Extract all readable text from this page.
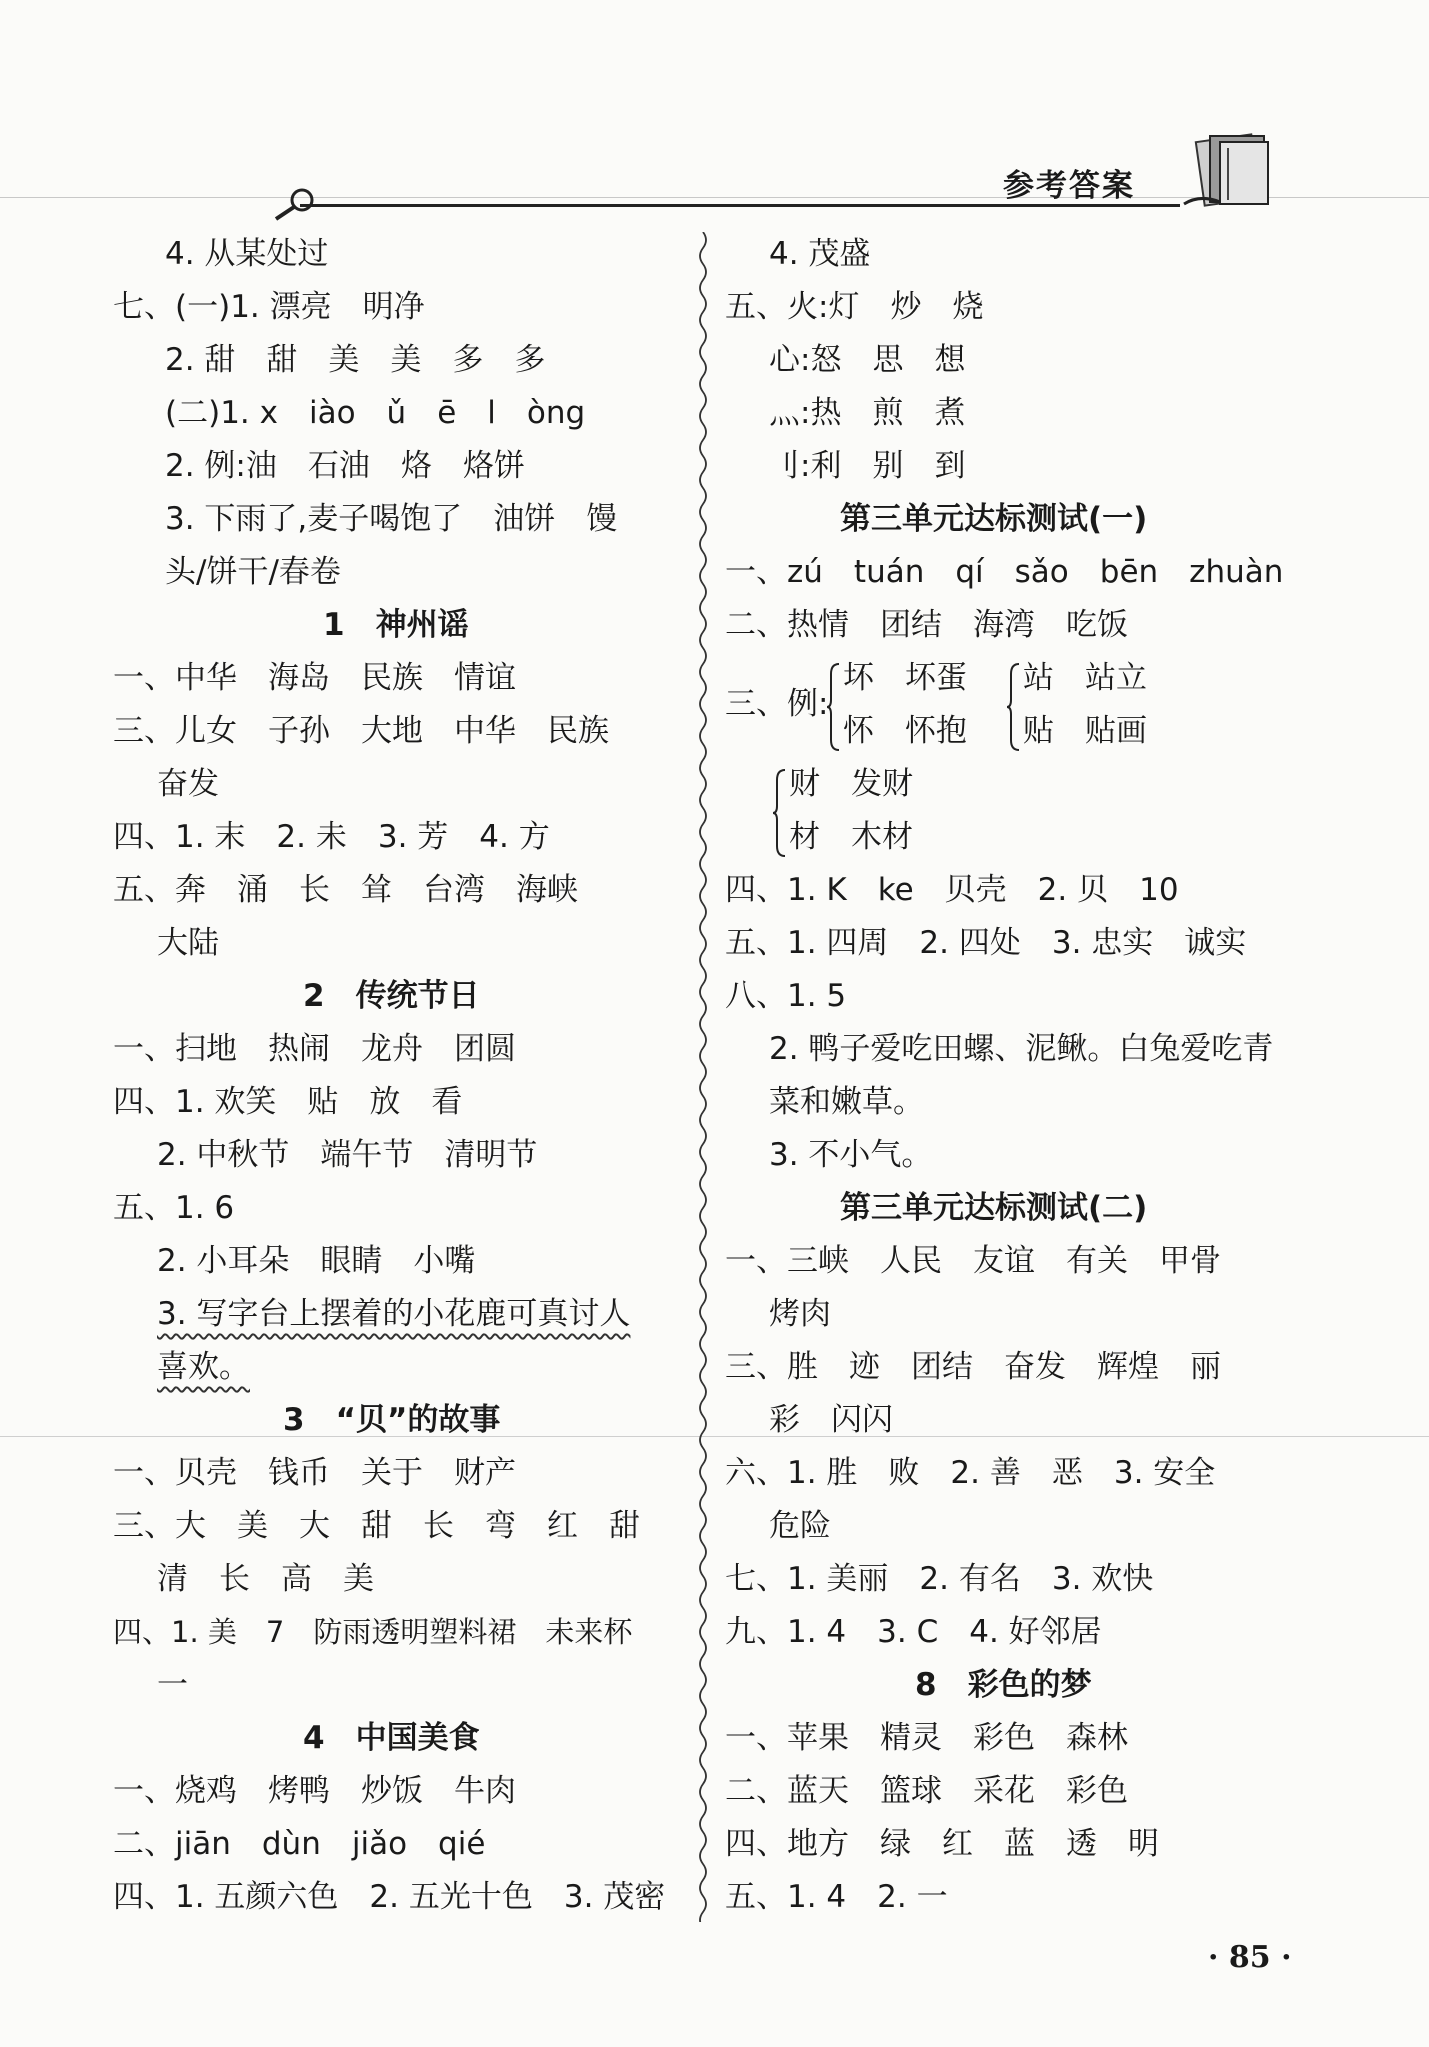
参考答案
4. 从某处过
七、(一)1. 漂亮　明净
2. 甜　甜　美　美　多　多
(二)1. x　iào　ǔ　ē　l　òng
2. 例:油　石油　烙　烙饼
3. 下雨了,麦子喝饱了　油饼　馒
头/饼干/春卷
1　神州谣
一、中华　海岛　民族　情谊
三、儿女　子孙　大地　中华　民族
奋发
四、1. 末　2. 未　3. 芳　4. 方
五、奔　涌　长　耸　台湾　海峡
大陆
2　传统节日
一、扫地　热闹　龙舟　团圆
四、1. 欢笑　贴　放　看
2. 中秋节　端午节　清明节
五、1. 6
2. 小耳朵　眼睛　小嘴
3. 写字台上摆着的小花鹿可真讨人
喜欢。
3　“贝”的故事
一、贝壳　钱币　关于　财产
三、大　美　大　甜　长　弯　红　甜
清　长　高　美
四、1. 美　7　防雨透明塑料裙　未来杯
一
4　中国美食
一、烧鸡　烤鸭　炒饭　牛肉
二、jiān　dùn　jiǎo　qié
四、1. 五颜六色　2. 五光十色　3. 茂密
4. 茂盛
五、火:灯　炒　烧
心:怒　思　想
灬:热　煎　煮
刂:利　别　到
第三单元达标测试(一)
一、zú　tuán　qí　sǎo　bēn　zhuàn
二、热情　团结　海湾　吃饭
三、例:
坏　坏蛋
怀　怀抱
站　站立
贴　贴画
财　发财
材　木材
四、1. K　ke　贝壳　2. 贝　10
五、1. 四周　2. 四处　3. 忠实　诚实
八、1. 5
2. 鸭子爱吃田螺、泥鳅。白兔爱吃青
菜和嫩草。
3. 不小气。
第三单元达标测试(二)
一、三峡　人民　友谊　有关　甲骨
烤肉
三、胜　迹　团结　奋发　辉煌　丽
彩　闪闪
六、1. 胜　败　2. 善　恶　3. 安全
危险
七、1. 美丽　2. 有名　3. 欢快
九、1. 4　3. C　4. 好邻居
8　彩色的梦
一、苹果　精灵　彩色　森林
二、蓝天　篮球　采花　彩色
四、地方　绿　红　蓝　透　明
五、1. 4　2. 一
· 85 ·
